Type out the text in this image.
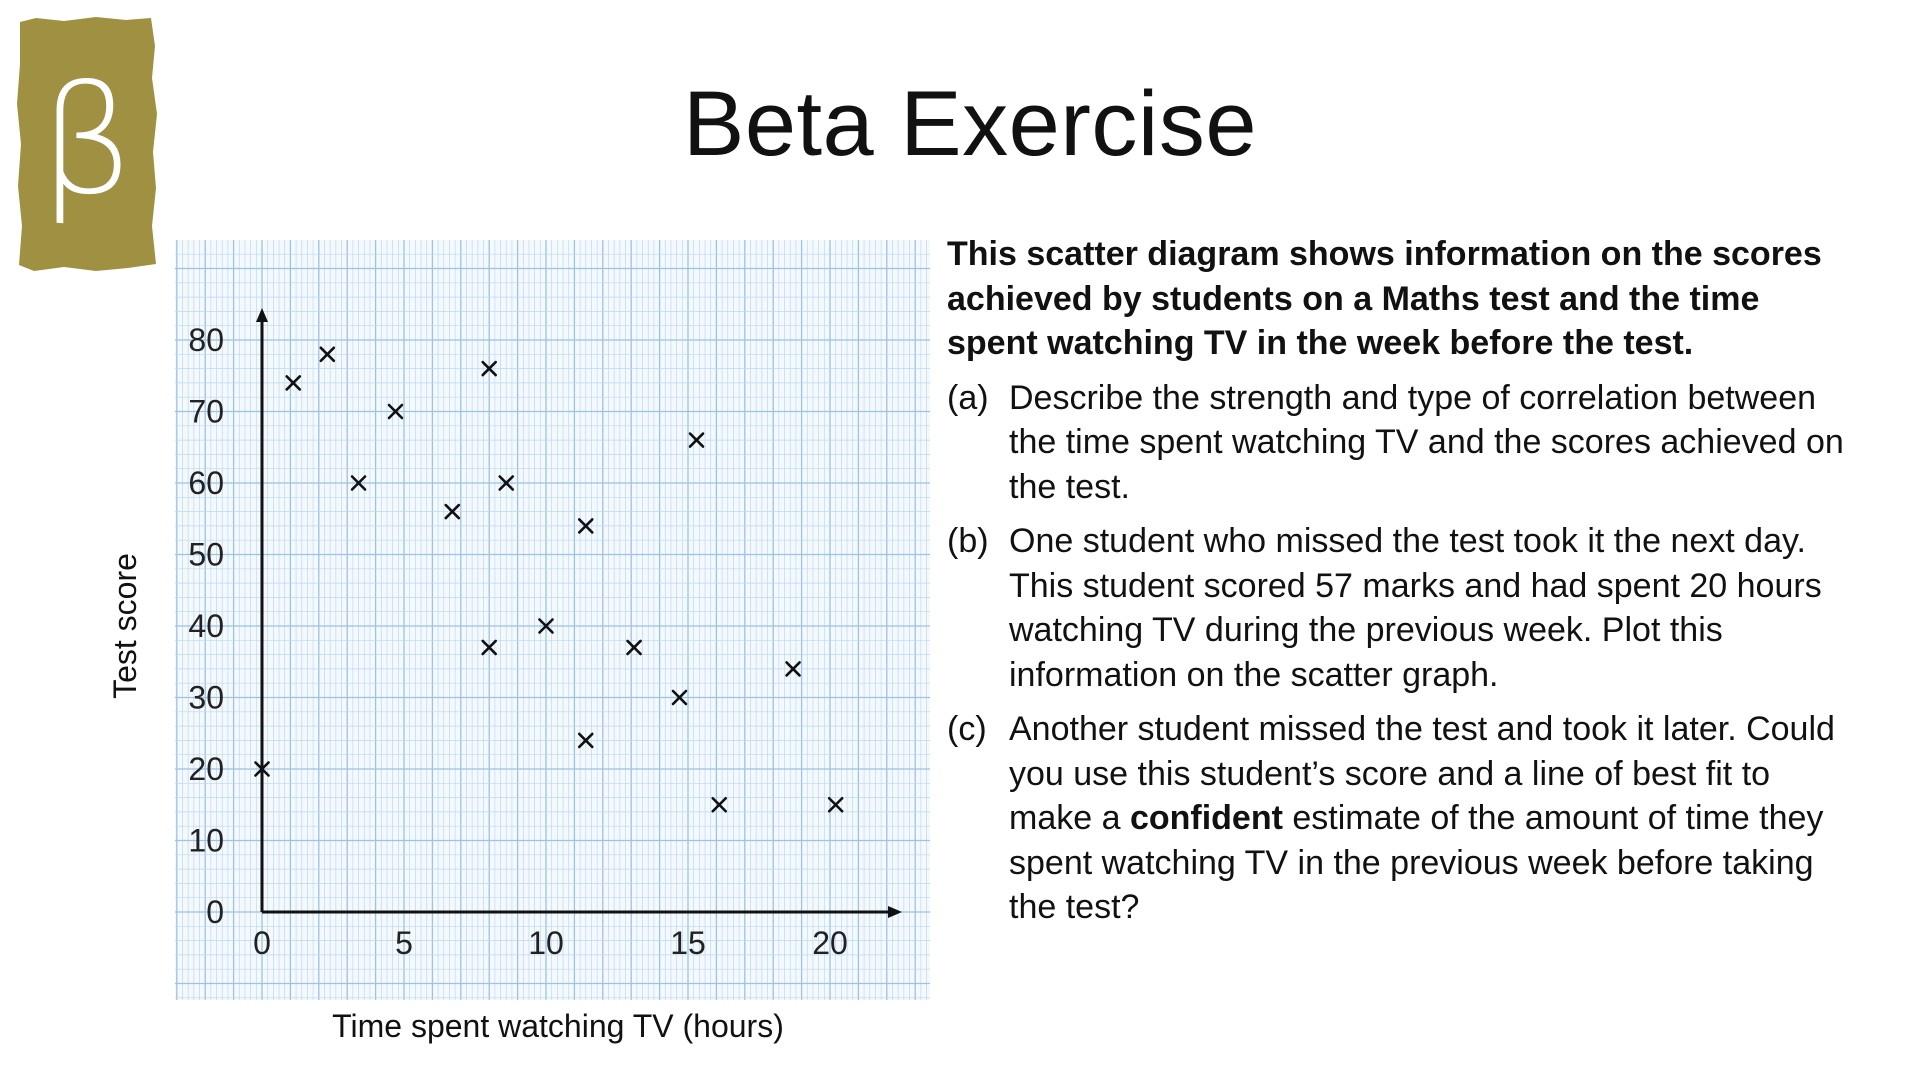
β	Beta Exercise
0	5	10	15	20
0
10
20
30
40
50
60
70
80
Test score
Time spent watching TV (hours)

This scatter diagram shows information on the scores achieved by students on a Maths test and the time spent watching TV in the week before the test.

(a) Describe the strength and type of correlation between the time spent watching TV and the scores achieved on the test.
(b) One student who missed the test took it the next day. This student scored 57 marks and had spent 20 hours watching TV during the previous week. Plot this information on the scatter graph.
(c) Another student missed the test and took it later. Could you use this student’s score and a line of best fit to make a confident estimate of the amount of time they spent watching TV in the previous week before taking the test?
